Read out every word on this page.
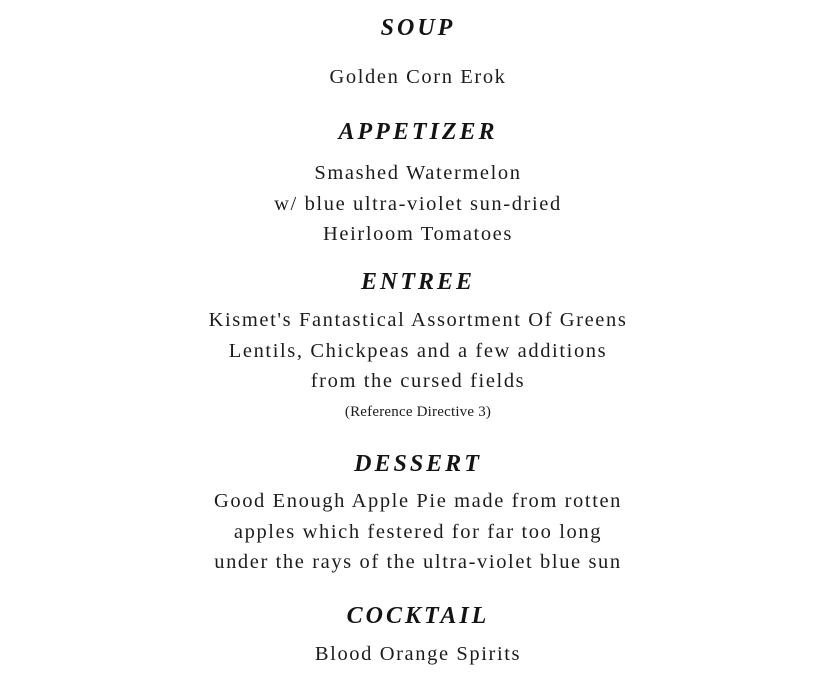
SOUP
Golden Corn Erok
APPETIZER
Smashed Watermelon
w/ blue ultra-violet sun-dried
Heirloom Tomatoes
ENTREE
Kismet's Fantastical Assortment Of Greens
Lentils, Chickpeas and a few additions
from the cursed fields
(Reference Directive 3)
DESSERT
Good Enough Apple Pie made from rotten
apples which festered for far too long
under the rays of the ultra-violet blue sun
COCKTAIL
Blood Orange Spirits
